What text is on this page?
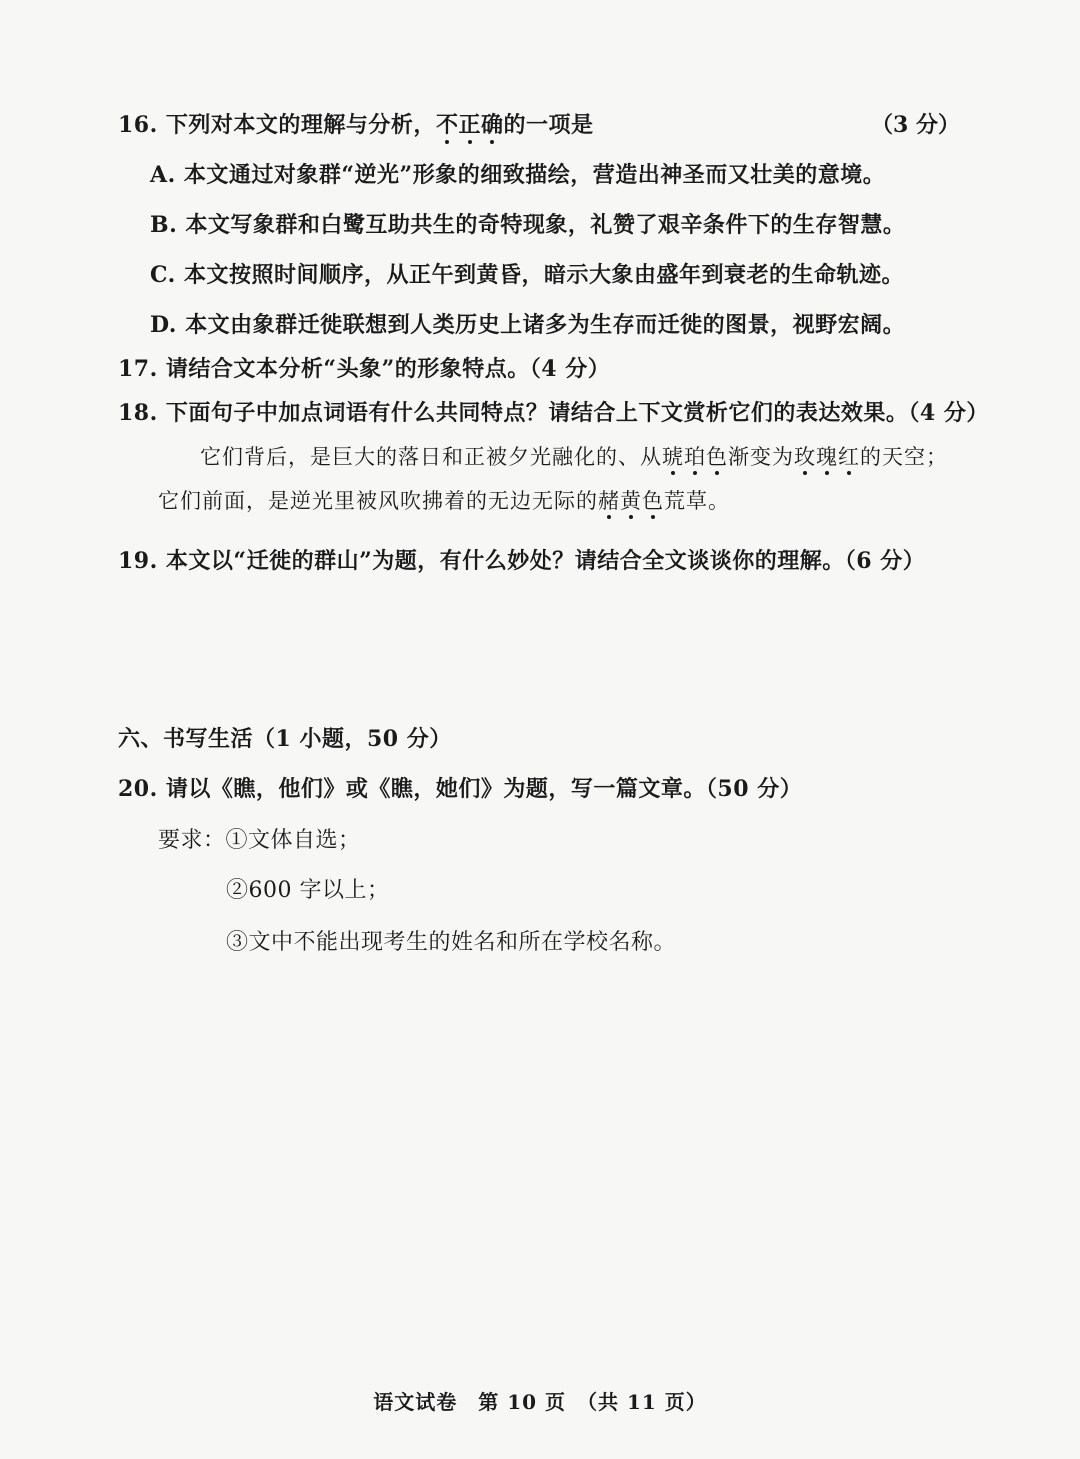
16. 下列对本文的理解与分析，不正确的一项是	（3 分）
A. 本文通过对象群“逆光”形象的细致描绘，营造出神圣而又壮美的意境。
B. 本文写象群和白鹭互助共生的奇特现象，礼赞了艰辛条件下的生存智慧。
C. 本文按照时间顺序，从正午到黄昏，暗示大象由盛年到衰老的生命轨迹。
D. 本文由象群迁徙联想到人类历史上诸多为生存而迁徙的图景，视野宏阔。
17. 请结合文本分析“头象”的形象特点。（4 分）
18. 下面句子中加点词语有什么共同特点？请结合上下文赏析它们的表达效果。（4 分）
它们背后，是巨大的落日和正被夕光融化的、从琥珀色渐变为玫瑰红的天空；
它们前面，是逆光里被风吹拂着的无边无际的赭黄色荒草。
19. 本文以“迁徙的群山”为题，有什么妙处？请结合全文谈谈你的理解。（6 分）
六、书写生活（1 小题，50 分）
20. 请以《瞧，他们》或《瞧，她们》为题，写一篇文章。（50 分）
要求：①文体自选；
②600 字以上；
③文中不能出现考生的姓名和所在学校名称。
语文试卷　第 10 页　（共 11 页）
